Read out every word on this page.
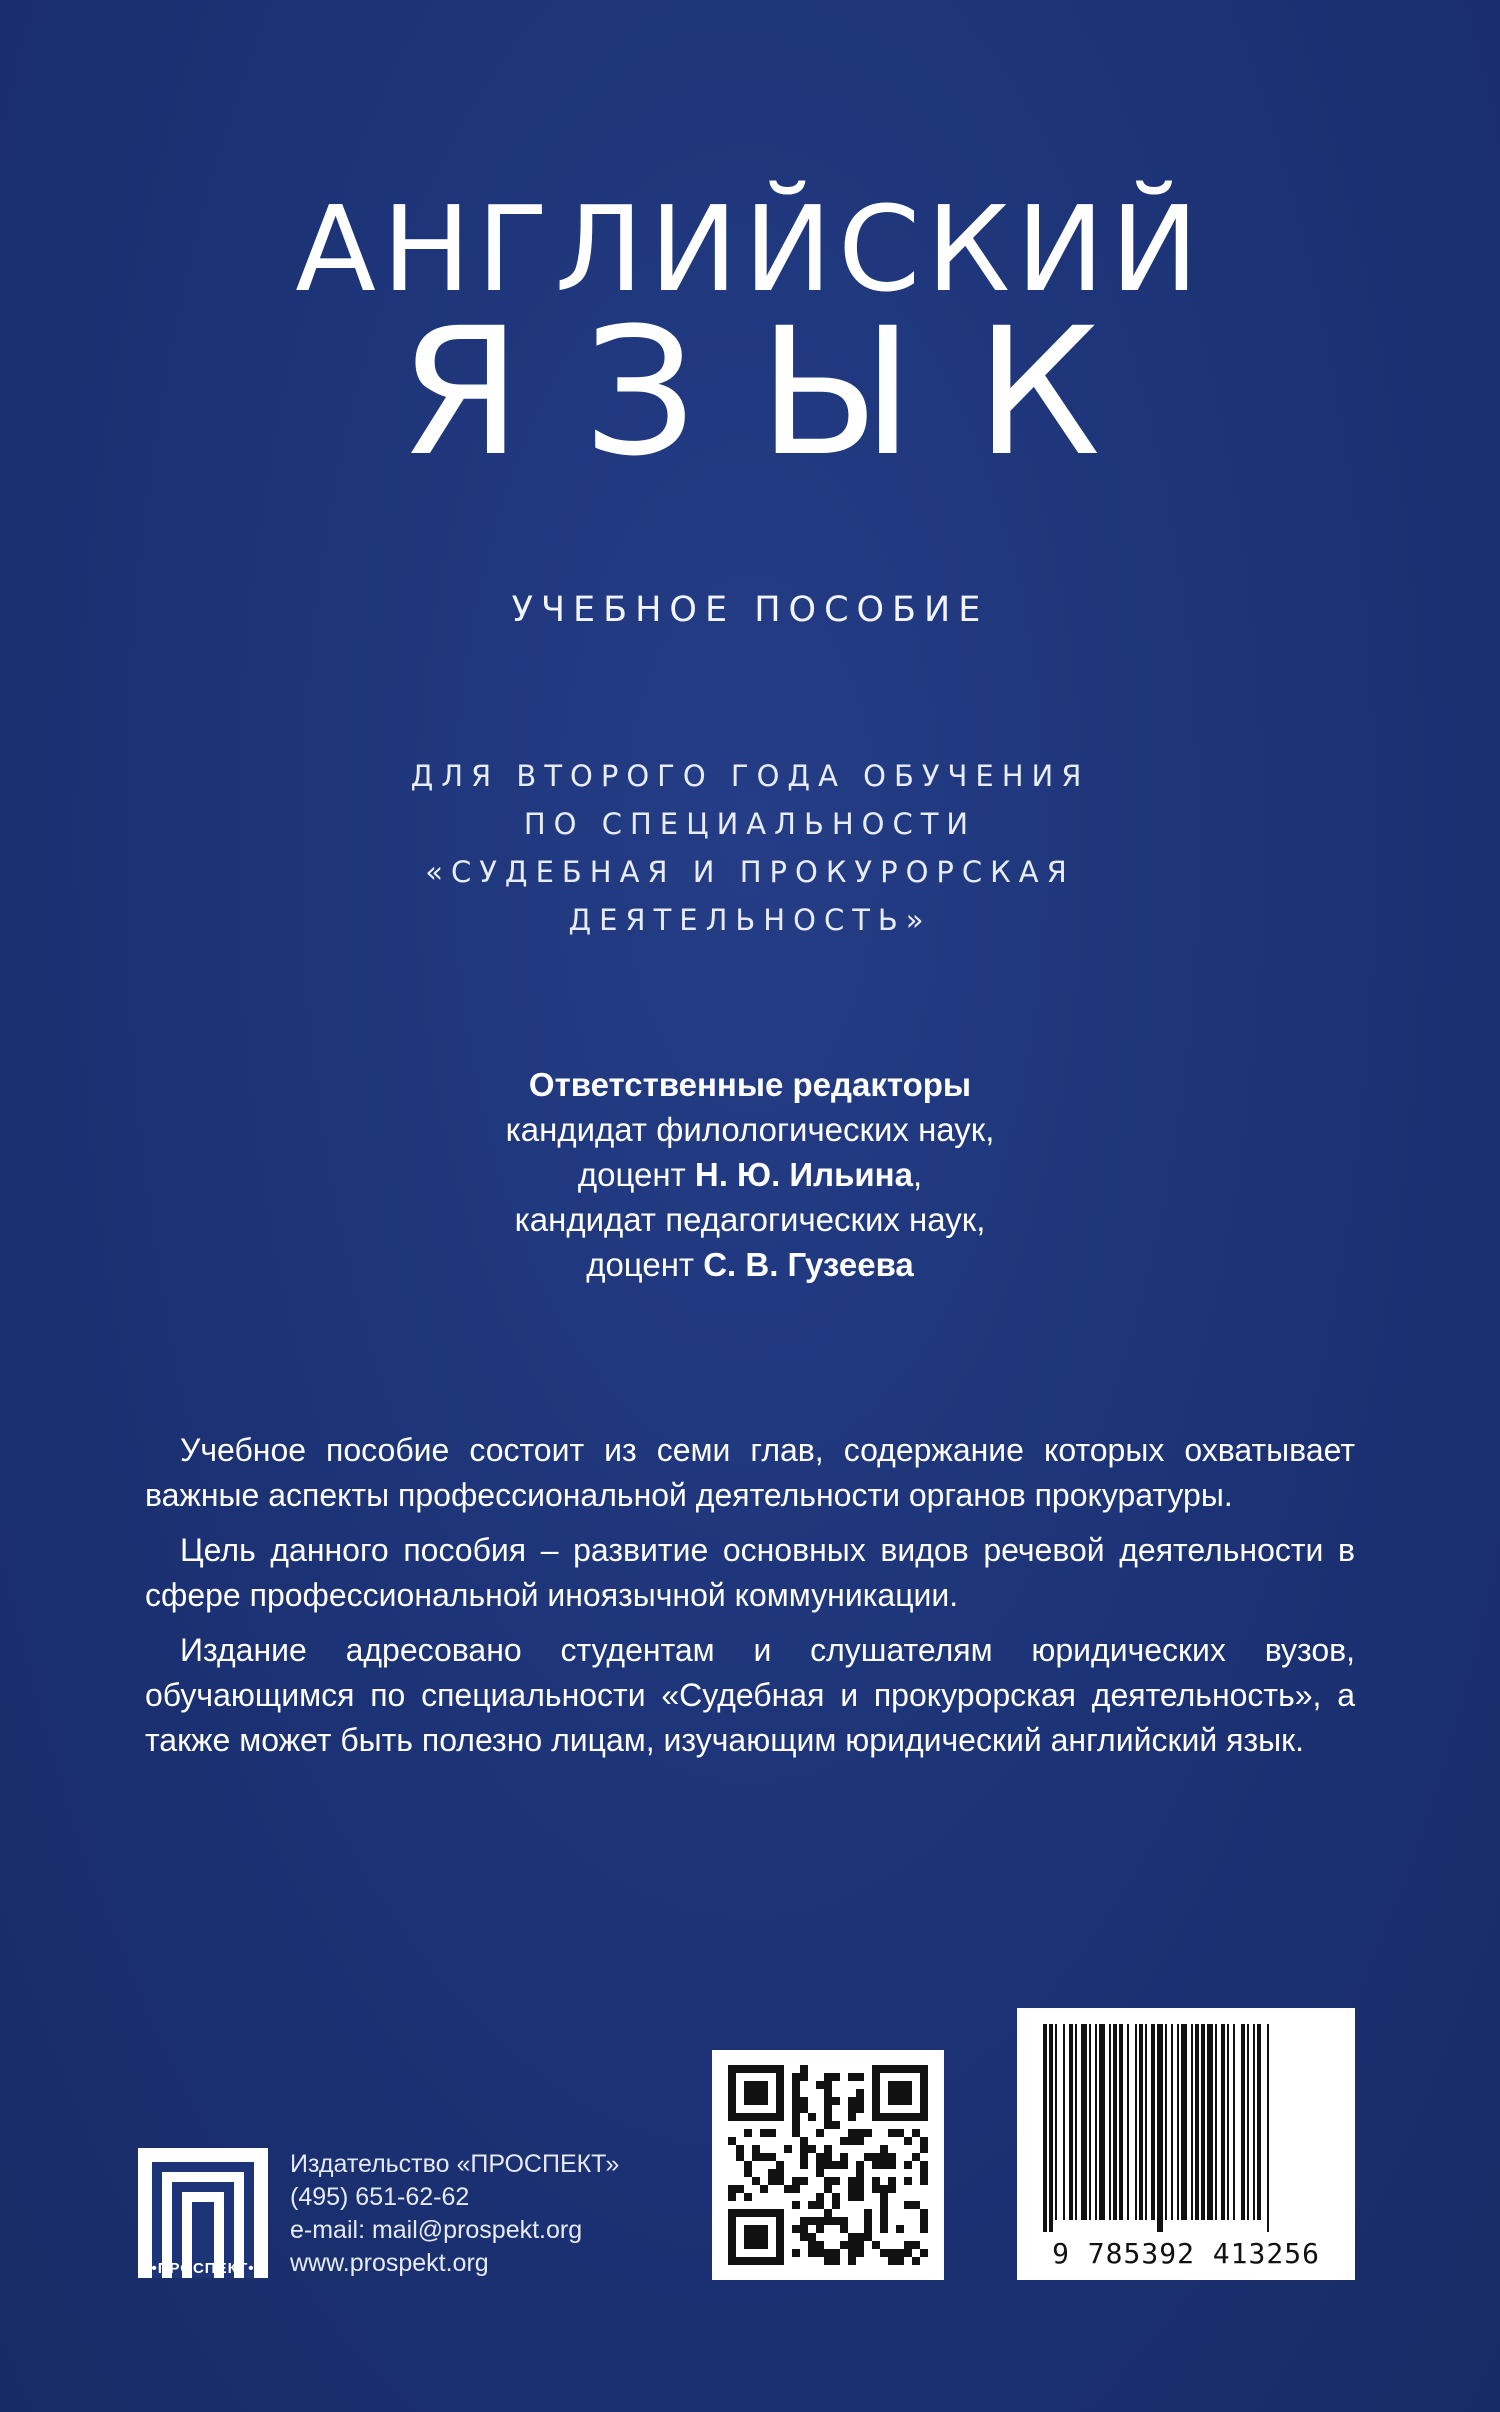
АНГЛИЙСКИЙ
ЯЗЫК
УЧЕБНОЕ ПОСОБИЕ
ДЛЯ ВТОРОГО ГОДА ОБУЧЕНИЯ
ПО СПЕЦИАЛЬНОСТИ
«СУДЕБНАЯ И ПРОКУРОРСКАЯ
ДЕЯТЕЛЬНОСТЬ»
Ответственные редакторы
кандидат филологических наук,
доцент Н. Ю. Ильина,
кандидат педагогических наук,
доцент С. В. Гузеева

Учебное пособие состоит из семи глав, содержание которых охватывает важные аспекты профессиональной деятельности органов прокуратуры.

Цель данного пособия – развитие основных видов речевой деятельности в сфере профессиональной иноязычной коммуникации.

Издание адресовано студентам и слушателям юридических вузов, обучающимся по специальности «Судебная и прокурорская деятельность», а также может быть полезно лицам, изучающим юридический английский язык.

•ПРОСПЕКТ•
Издательство «ПРОСПЕКТ»
(495) 651-62-62
e-mail: mail@prospekt.org
www.prospekt.org	9 785392 413256
